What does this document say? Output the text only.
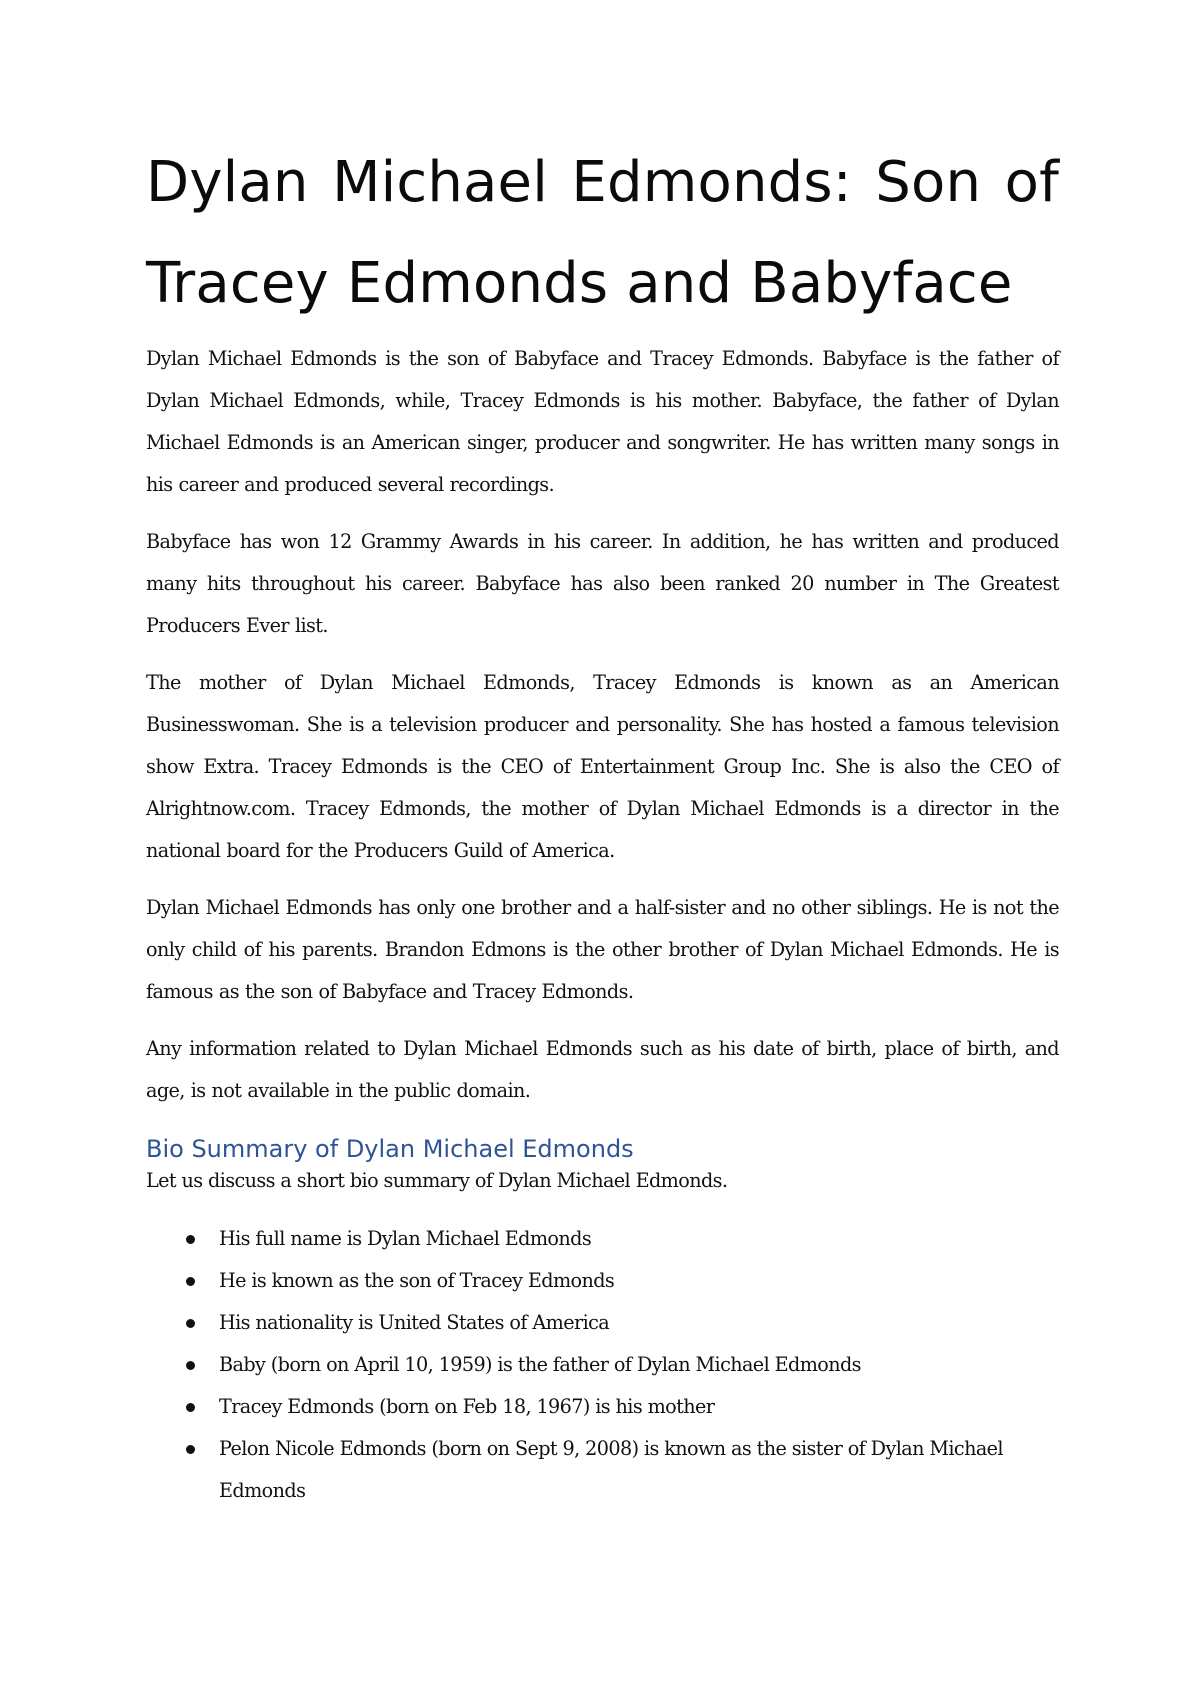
Dylan Michael Edmonds: Son of Tracey Edmonds and Babyface

Dylan Michael Edmonds is the son of Babyface and Tracey Edmonds. Babyface is the father of Dylan Michael Edmonds, while, Tracey Edmonds is his mother. Babyface, the father of Dylan Michael Edmonds is an American singer, producer and songwriter. He has written many songs in his career and produced several recordings.

Babyface has won 12 Grammy Awards in his career. In addition, he has written and produced many hits throughout his career. Babyface has also been ranked 20 number in The Greatest Producers Ever list.

The mother of Dylan Michael Edmonds, Tracey Edmonds is known as an American Businesswoman. She is a television producer and personality. She has hosted a famous television show Extra. Tracey Edmonds is the CEO of Entertainment Group Inc. She is also the CEO of Alrightnow.com. Tracey Edmonds, the mother of Dylan Michael Edmonds is a director in the national board for the Producers Guild of America.

Dylan Michael Edmonds has only one brother and a half-sister and no other siblings. He is not the only child of his parents. Brandon Edmons is the other brother of Dylan Michael Edmonds. He is famous as the son of Babyface and Tracey Edmonds.

Any information related to Dylan Michael Edmonds such as his date of birth, place of birth, and age, is not available in the public domain.

Bio Summary of Dylan Michael Edmonds

Let us discuss a short bio summary of Dylan Michael Edmonds.

His full name is Dylan Michael Edmonds
He is known as the son of Tracey Edmonds
His nationality is United States of America
Baby (born on April 10, 1959) is the father of Dylan Michael Edmonds
Tracey Edmonds (born on Feb 18, 1967) is his mother
Pelon Nicole Edmonds (born on Sept 9, 2008) is known as the sister of Dylan Michael Edmonds
